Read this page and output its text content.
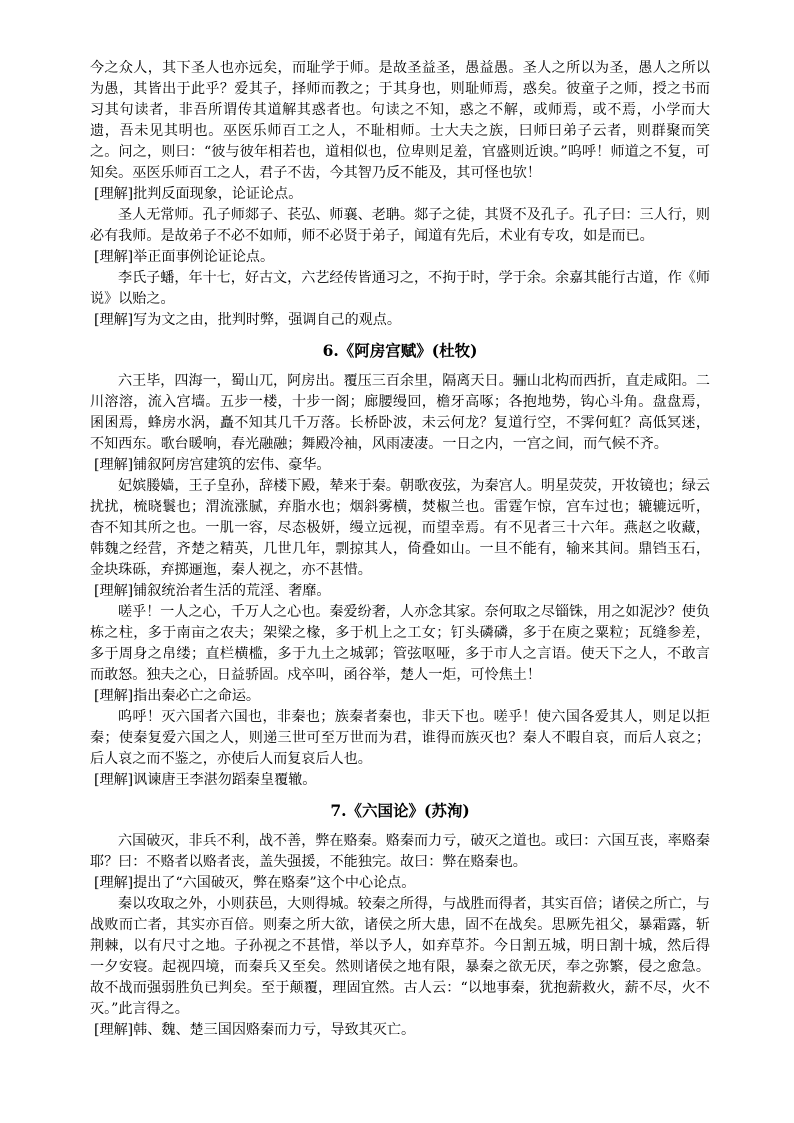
今之众人，其下圣人也亦远矣，而耻学于师。是故圣益圣，愚益愚。圣人之所以为圣，愚人之所以为愚，其皆出于此乎？爱其子，择师而教之；于其身也，则耻师焉，惑矣。彼童子之师，授之书而习其句读者，非吾所谓传其道解其惑者也。句读之不知，惑之不解，或师焉，或不焉，小学而大遗，吾未见其明也。巫医乐师百工之人，不耻相师。士大夫之族，曰师曰弟子云者，则群聚而笑之。问之，则曰：“彼与彼年相若也，道相似也，位卑则足羞，官盛则近谀。”呜呼！师道之不复，可知矣。巫医乐师百工之人，君子不齿，今其智乃反不能及，其可怪也欤！

[理解]批判反面现象，论证论点。

圣人无常师。孔子师郯子、苌弘、师襄、老聃。郯子之徒，其贤不及孔子。孔子曰：三人行，则必有我师。是故弟子不必不如师，师不必贤于弟子，闻道有先后，术业有专攻，如是而已。

[理解]举正面事例论证论点。

李氏子蟠，年十七，好古文，六艺经传皆通习之，不拘于时，学于余。余嘉其能行古道，作《师说》以贻之。

[理解]写为文之由，批判时弊，强调自己的观点。

6.《阿房宫赋》(杜牧)

六王毕，四海一，蜀山兀，阿房出。覆压三百余里，隔离天日。骊山北构而西折，直走咸阳。二川溶溶，流入宫墙。五步一楼，十步一阁；廊腰缦回，檐牙高啄；各抱地势，钩心斗角。盘盘焉，囷囷焉，蜂房水涡，矗不知其几千万落。长桥卧波，未云何龙？复道行空，不霁何虹？高低冥迷，不知西东。歌台暖响，春光融融；舞殿冷袖，风雨凄凄。一日之内，一宫之间，而气候不齐。

[理解]铺叙阿房宫建筑的宏伟、豪华。

妃嫔媵嫱，王子皇孙，辞楼下殿，辇来于秦。朝歌夜弦，为秦宫人。明星荧荧，开妆镜也；绿云扰扰，梳晓鬟也；渭流涨腻，弃脂水也；烟斜雾横，焚椒兰也。雷霆乍惊，宫车过也；辘辘远听，杳不知其所之也。一肌一容，尽态极妍，缦立远视，而望幸焉。有不见者三十六年。燕赵之收藏，韩魏之经营，齐楚之精英，几世几年，剽掠其人，倚叠如山。一旦不能有，输来其间。鼎铛玉石，金块珠砾，弃掷逦迤，秦人视之，亦不甚惜。

[理解]铺叙统治者生活的荒淫、奢靡。

嗟乎！一人之心，千万人之心也。秦爱纷奢，人亦念其家。奈何取之尽锱铢，用之如泥沙？使负栋之柱，多于南亩之农夫；架梁之椽，多于机上之工女；钉头磷磷，多于在庾之粟粒；瓦缝参差，多于周身之帛缕；直栏横槛，多于九土之城郭；管弦呕哑，多于市人之言语。使天下之人，不敢言而敢怒。独夫之心，日益骄固。戍卒叫，函谷举，楚人一炬，可怜焦土！

[理解]指出秦必亡之命运。

呜呼！灭六国者六国也，非秦也；族秦者秦也，非天下也。嗟乎！使六国各爱其人，则足以拒秦；使秦复爱六国之人，则递三世可至万世而为君，谁得而族灭也？秦人不暇自哀，而后人哀之；后人哀之而不鉴之，亦使后人而复哀后人也。

[理解]讽谏唐王李湛勿蹈秦皇覆辙。

7.《六国论》(苏洵)

六国破灭，非兵不利，战不善，弊在赂秦。赂秦而力亏，破灭之道也。或曰：六国互丧，率赂秦耶？曰：不赂者以赂者丧，盖失强援，不能独完。故曰：弊在赂秦也。

[理解]提出了“六国破灭，弊在赂秦”这个中心论点。

秦以攻取之外，小则获邑，大则得城。较秦之所得，与战胜而得者，其实百倍；诸侯之所亡，与战败而亡者，其实亦百倍。则秦之所大欲，诸侯之所大患，固不在战矣。思厥先祖父，暴霜露，斩荆棘，以有尺寸之地。子孙视之不甚惜，举以予人，如弃草芥。今日割五城，明日割十城，然后得一夕安寝。起视四境，而秦兵又至矣。然则诸侯之地有限，暴秦之欲无厌，奉之弥繁，侵之愈急。故不战而强弱胜负已判矣。至于颠覆，理固宜然。古人云：“以地事秦，犹抱薪救火，薪不尽，火不灭。”此言得之。

[理解]韩、魏、楚三国因赂秦而力亏，导致其灭亡。
